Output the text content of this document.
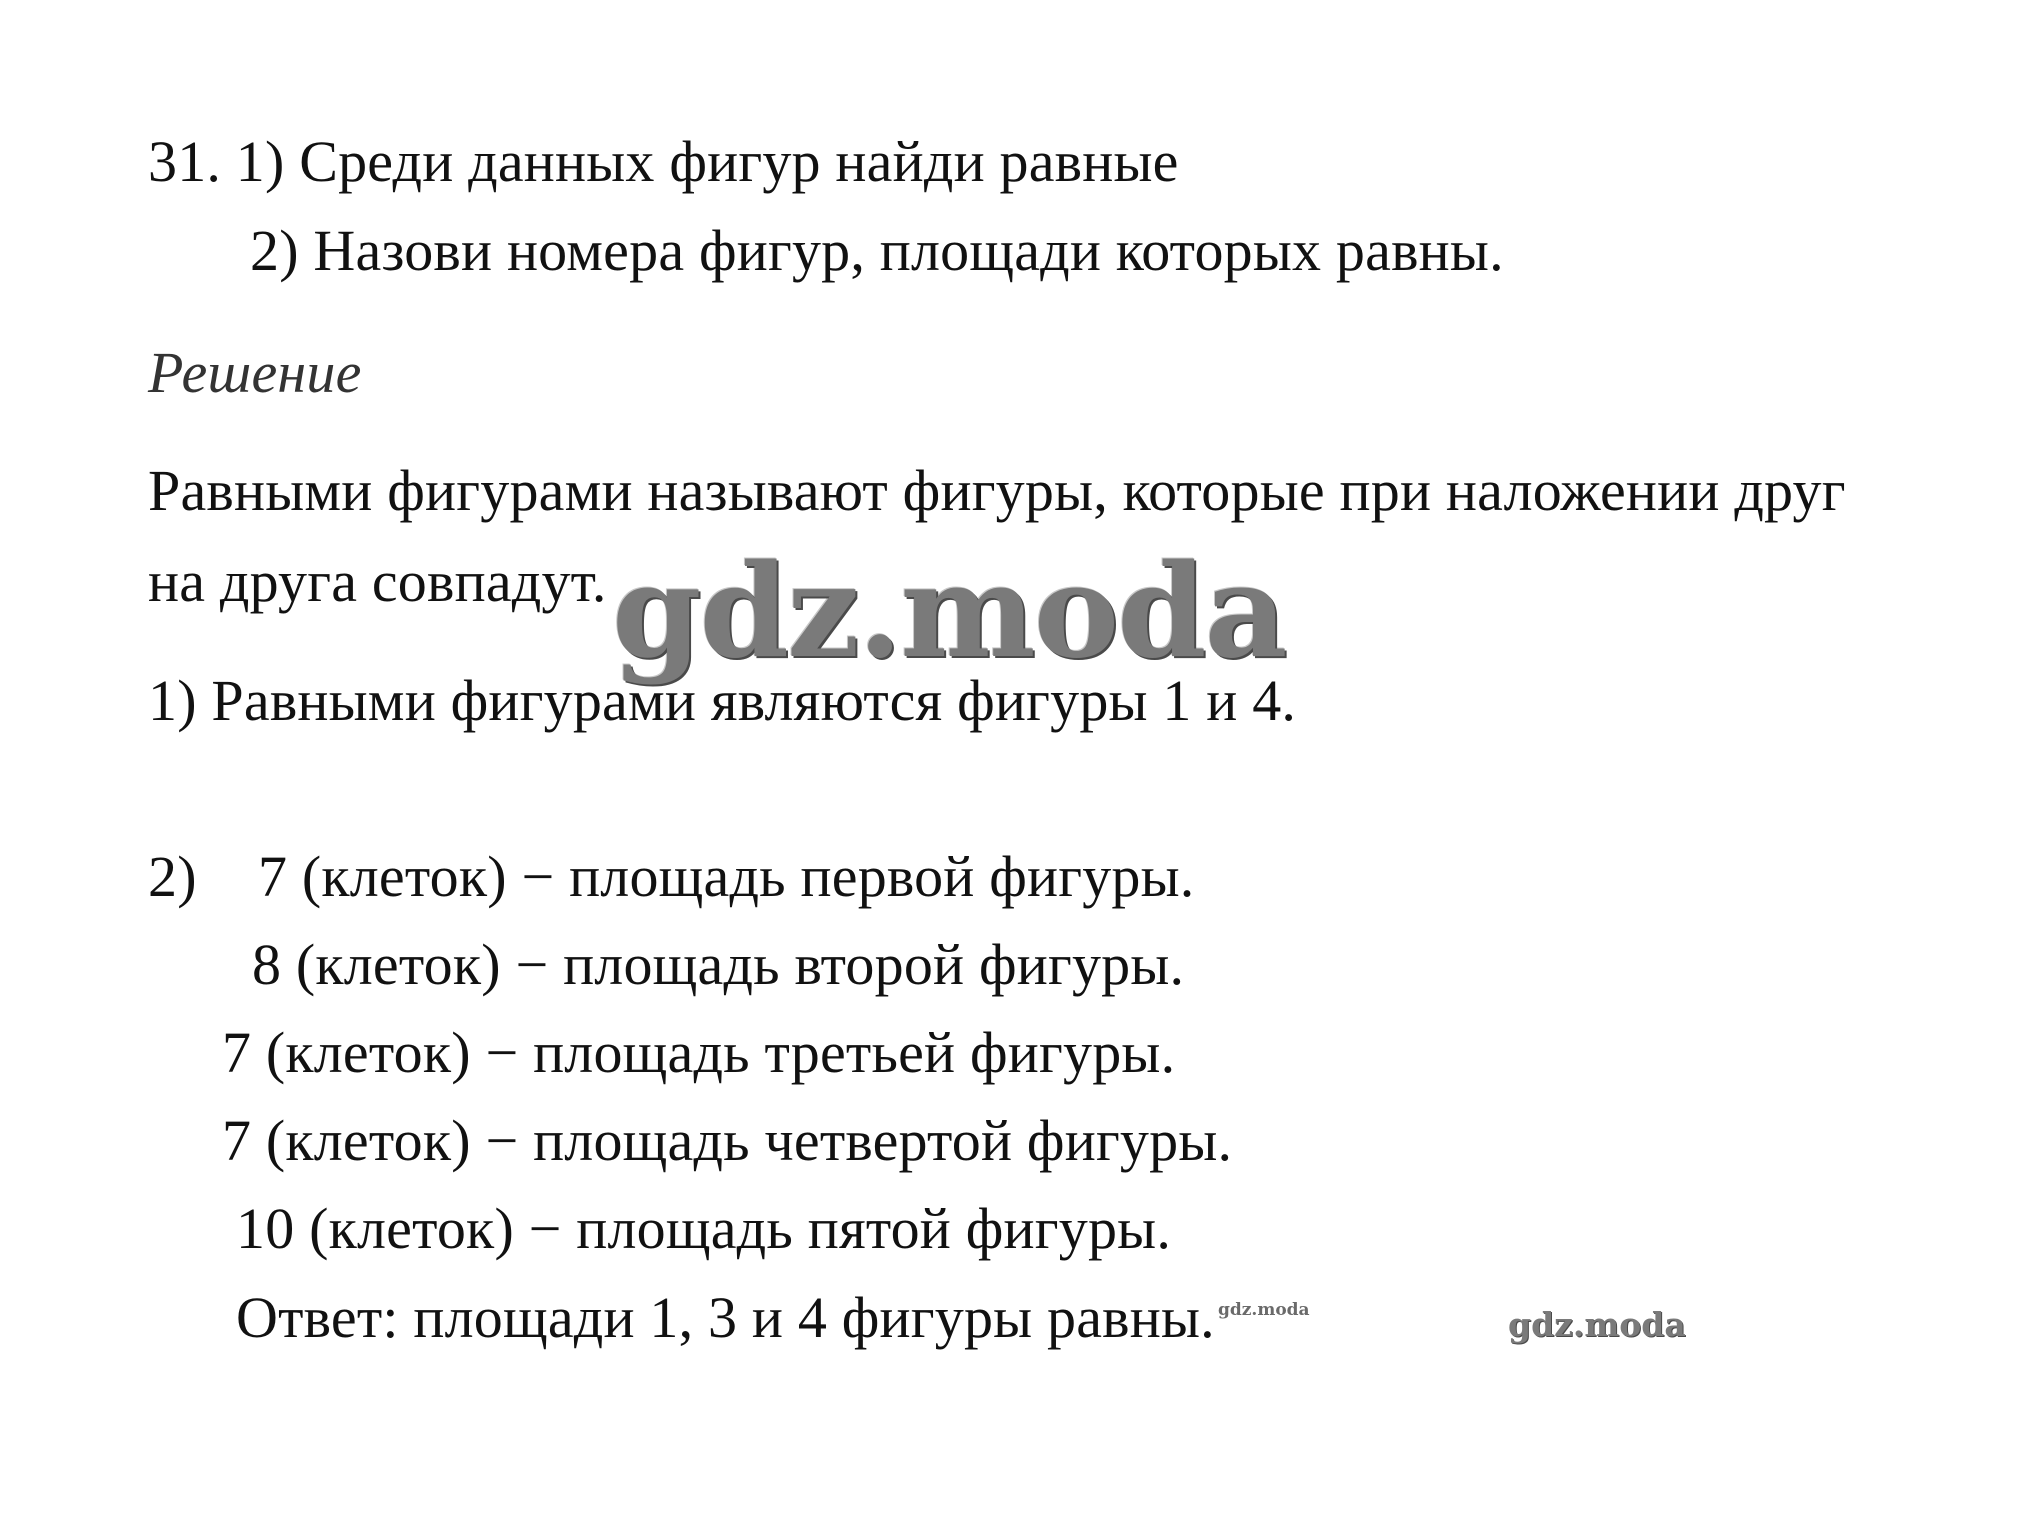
31. 1) Среди данных фигур найди равные
2) Назови номера фигур, площади которых равны.
Решение
Равными фигурами называют фигуры, которые при наложении друг
на друга совпадут.
1) Равными фигурами являются фигуры 1 и 4.
2) 7 (клеток) − площадь первой фигуры.
8 (клеток) − площадь второй фигуры.
7 (клеток) − площадь третьей фигуры.
7 (клеток) − площадь четвертой фигуры.
10 (клеток) − площадь пятой фигуры.
Ответ: площади 1, 3 и 4 фигуры равны.
gdz.moda
gdz.moda	gdz.moda
